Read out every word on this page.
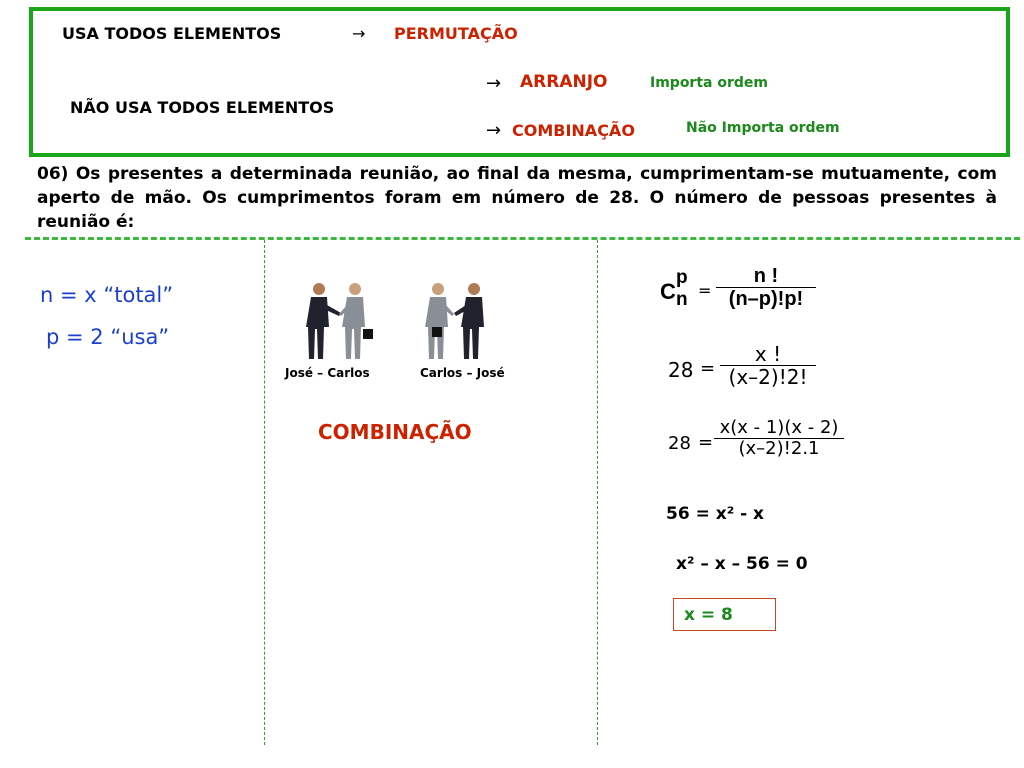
USA TODOS ELEMENTOS	→ PERMUTAÇÃO
NÃO USA TODOS ELEMENTOS
→ ARRANJO	Importa ordem
→ COMBINAÇÃO	Não Importa ordem
06) Os presentes a determinada reunião, ao final da mesma, cumprimentam-se mutuamente, com aperto de mão. Os cumprimentos foram em número de 28. O número de pessoas presentes à reunião é:
n = x “total”
p = 2 “usa”
José – Carlos	Carlos – José
COMBINAÇÃO
C
p
$n = \frac{n !}{(n-p)!p!}$
$28 = \frac{x !}{(x-2)!2!}$
$28 = \frac{x(x - 1)(x - 2)}{(x-2)!2.1}$
56 = x² - x
x² – x – 56 = 0
x = 8
